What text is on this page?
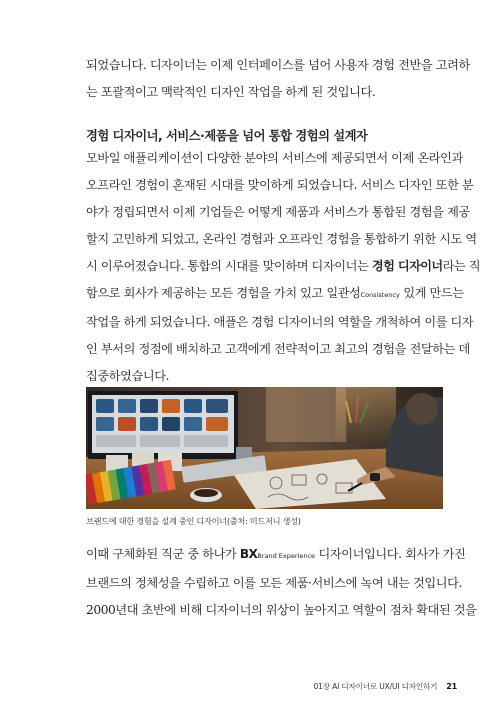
되었습니다. 디자이너는 이제 인터페이스를 넘어 사용자 경험 전반을 고려하
는 포괄적이고 맥락적인 디자인 작업을 하게 된 것입니다.

경험 디자이너, 서비스·제품을 넘어 통합 경험의 설계자

모바일 애플리케이션이 다양한 분야의 서비스에 제공되면서 이제 온라인과
오프라인 경험이 혼재된 시대를 맞이하게 되었습니다. 서비스 디자인 또한 분
야가 정립되면서 이제 기업들은 어떻게 제품과 서비스가 통합된 경험을 제공
할지 고민하게 되었고, 온라인 경험과 오프라인 경험을 통합하기 위한 시도 역
시 이루어졌습니다. 통합의 시대를 맞이하며 디자이너는 경험 디자이너라는 직
함으로 회사가 제공하는 모든 경험을 가치 있고 일관성Consistency 있게 만드는
작업을 하게 되었습니다. 애플은 경험 디자이너의 역할을 개척하여 이를 디자
인 부서의 정점에 배치하고 고객에게 전략적이고 최고의 경험을 전달하는 데
집중하였습니다.

브랜드에 대한 경험을 설계 중인 디자이너(출처: 미드저니 생성)

이때 구체화된 직군 중 하나가 BXBrand Experience 디자이너입니다. 회사가 가진
브랜드의 정체성을 수립하고 이를 모든 제품·서비스에 녹여 내는 것입니다.
2000년대 초반에 비해 디자이너의 위상이 높아지고 역할이 점차 확대된 것을

01장 AI 디자이너로 UX/UI 디자인하기 21
